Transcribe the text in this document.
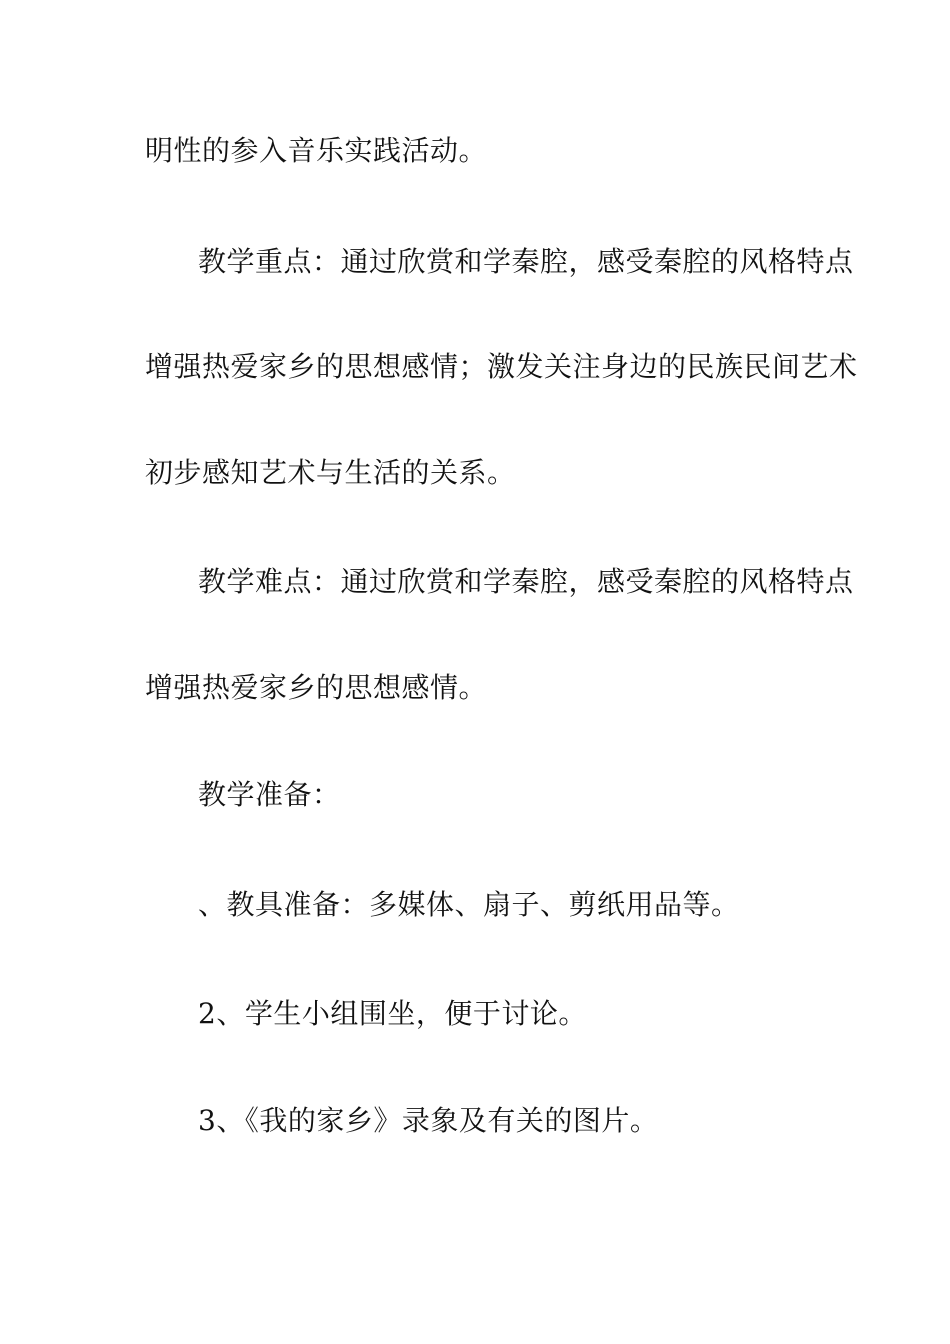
明性的参入音乐实践活动。
教学重点：通过欣赏和学秦腔，感受秦腔的风格特点
增强热爱家乡的思想感情；激发关注身边的民族民间艺术
初步感知艺术与生活的关系。
教学难点：通过欣赏和学秦腔，感受秦腔的风格特点
增强热爱家乡的思想感情。
教学准备：
、教具准备：多媒体、扇子、剪纸用品等。
2、学生小组围坐，便于讨论。
3、《我的家乡》录象及有关的图片。
